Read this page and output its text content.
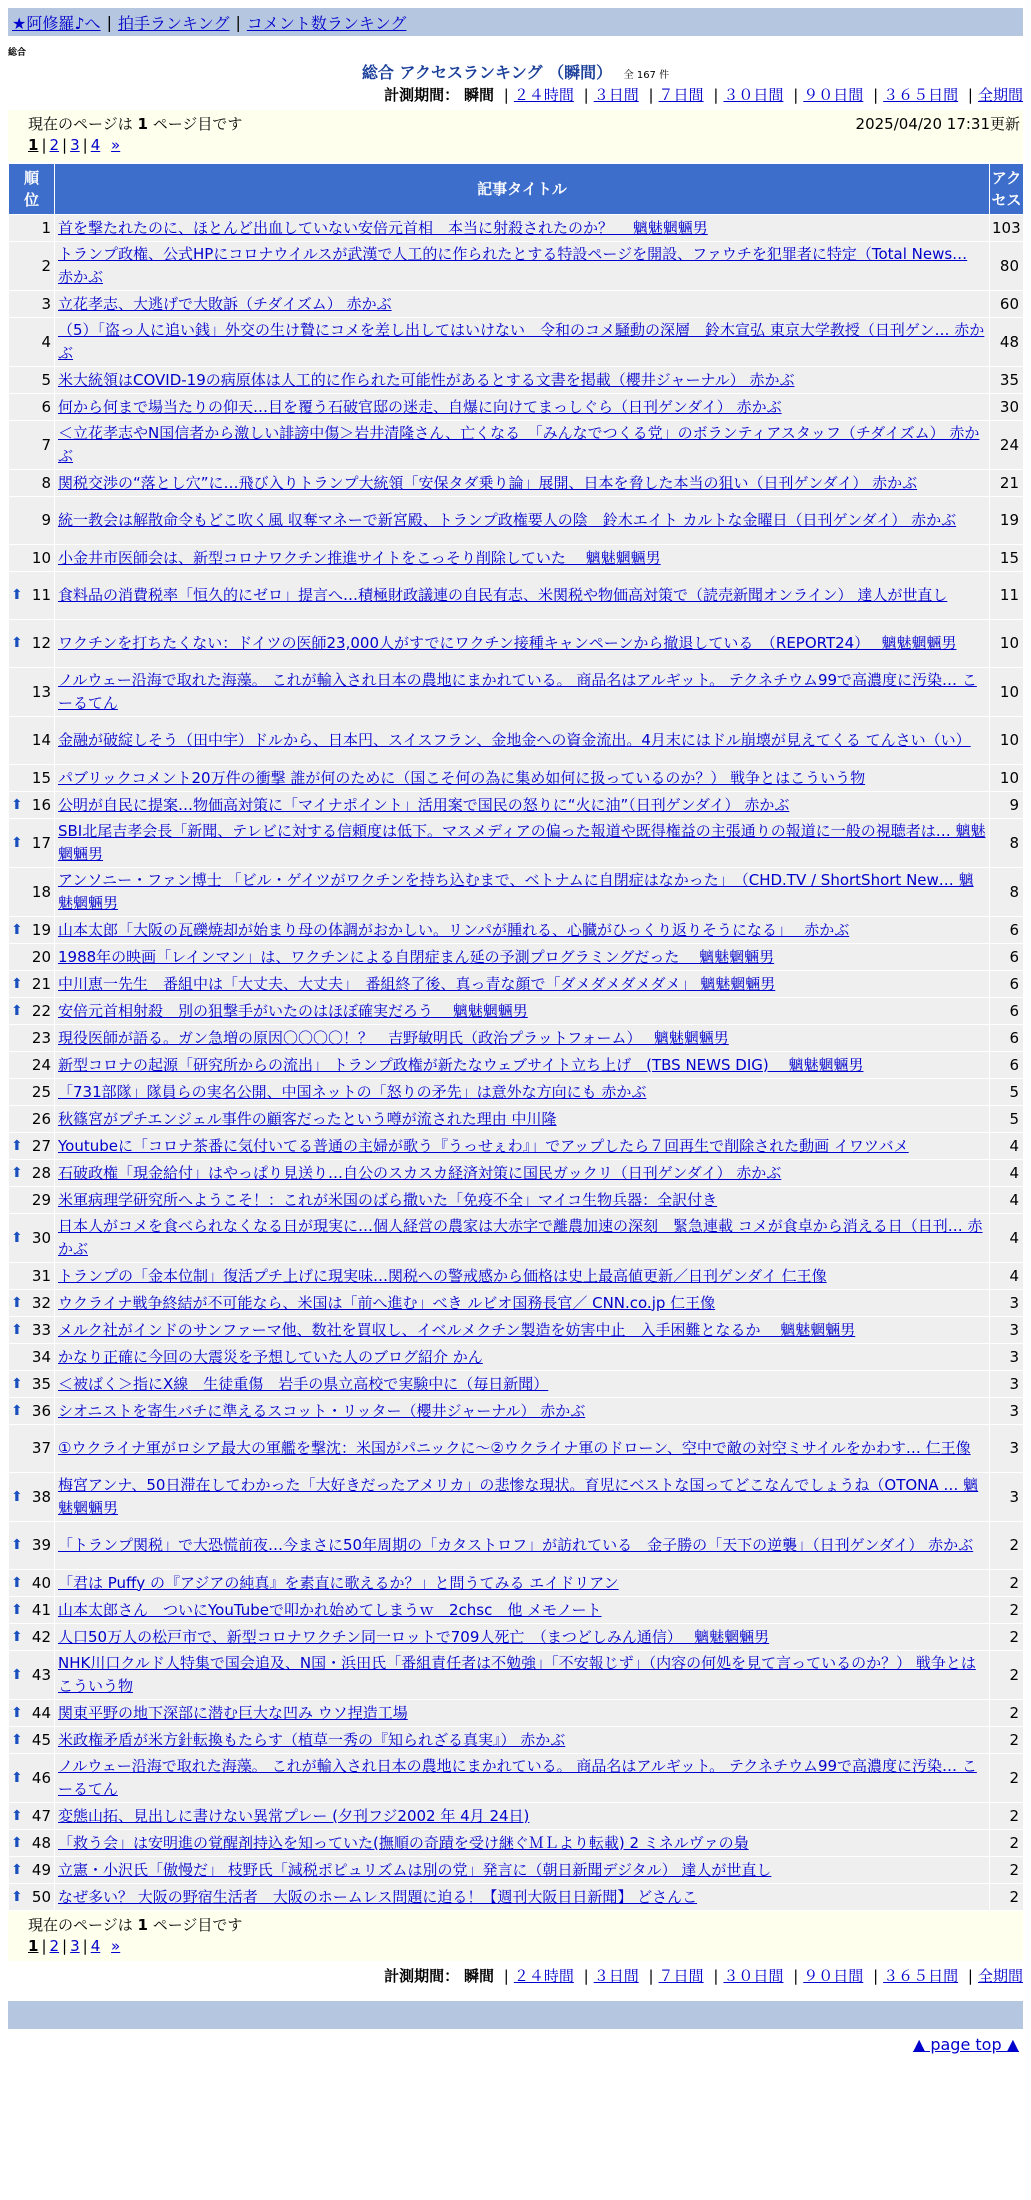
★阿修羅♪へ | 拍手ランキング | コメント数ランキング
総合
総合 アクセスランキング （瞬間） 全 167 件
計測期間： 瞬間 | ２４時間 | ３日間 | ７日間 | ３０日間 | ９０日間 | ３６５日間 | 全期間
現在のページは 1 ページ目です	2025/04/20 17:31更新
1 | 2 | 3 | 4 »
順位	記事タイトル	アクセス
1	首を撃たれたのに、ほとんど出血していない安倍元首相　本当に射殺されたのか？　 魑魅魍魎男	103
2	トランプ政権、公式HPにコロナウイルスが武漢で人工的に作られたとする特設ページを開設、ファウチを犯罪者に特定（Total News… 赤かぶ	80
3	立花孝志、大逃げで大敗訴（チダイズム） 赤かぶ	60
4	（5）「盗っ人に追い銭」外交の生け贄にコメを差し出してはいけない　令和のコメ騒動の深層　鈴木宣弘 東京大学教授（日刊ゲン… 赤かぶ	48
5	米大統領はCOVID-19の病原体は人工的に作られた可能性があるとする文書を掲載（櫻井ジャーナル） 赤かぶ	35
6	何から何まで場当たりの仰天…目を覆う石破官邸の迷走、自爆に向けてまっしぐら（日刊ゲンダイ） 赤かぶ	30
7	＜立花孝志やN国信者から激しい誹謗中傷＞岩井清隆さん、亡くなる　「みんなでつくる党」のボランティアスタッフ（チダイズム） 赤かぶ	24
8	関税交渉の“落とし穴”に…飛び入りトランプ大統領「安保タダ乗り論」展開、日本を脅した本当の狙い（日刊ゲンダイ） 赤かぶ	21
9	統一教会は解散命令もどこ吹く風 収奪マネーで新宮殿、トランプ政権要人の陰　鈴木エイト カルトな金曜日（日刊ゲンダイ） 赤かぶ	19
10	小金井市医師会は、新型コロナワクチン推進サイトをこっそり削除していた　 魑魅魍魎男	15

⬆ 11	食料品の消費税率「恒久的にゼロ」提言へ…積極財政議連の自民有志、米関税や物価高対策で（読売新聞オンライン） 達人が世直し	11

⬆ 12	ワクチンを打ちたくない：ドイツの医師23,000人がすでにワクチン接種キャンペーンから撤退している　（REPORT24）　 魑魅魍魎男	10
13	ノルウェー沿海で取れた海藻。 これが輸入され日本の農地にまかれている。 商品名はアルギット。 テクネチウム99で高濃度に汚染… こーるてん	10
14	金融が破綻しそう（田中宇）ドルから、日本円、スイスフラン、金地金への資金流出。4月末にはドル崩壊が見えてくる てんさい（い）	10
15	パブリックコメント20万件の衝撃 誰が何のために（国こそ何の為に集め如何に扱っているのか？） 戦争とはこういう物	10

⬆ 16	公明が自民に提案…物価高対策に「マイナポイント」活用案で国民の怒りに“火に油”（日刊ゲンダイ） 赤かぶ	9

⬆ 17	SBI北尾吉孝会長「新聞、テレビに対する信頼度は低下。マスメディアの偏った報道や既得権益の主張通りの報道に一般の視聴者は… 魑魅魍魎男	8
18	アンソニー・ファン博士 「ビル・ゲイツがワクチンを持ち込むまで、ベトナムに自閉症はなかった」　（CHD.TV / ShortShort New… 魑魅魍魎男	8

⬆ 19	山本太郎「大阪の瓦礫焼却が始まり母の体調がおかしい。リンパが腫れる、心臓がひっくり返りそうになる」　 赤かぶ	6
20	1988年の映画「レインマン」は、ワクチンによる自閉症まん延の予測プログラミングだった　 魑魅魍魎男	6

⬆ 21	中川恵一先生　番組中は「大丈夫、大丈夫」　番組終了後、真っ青な顔で「ダメダメダメダメ」 魑魅魍魎男	6

⬆ 22	安倍元首相射殺　別の狙撃手がいたのはほぼ確実だろう　 魑魅魍魎男	6
23	現役医師が語る。ガン急増の原因〇〇〇〇！？　吉野敏明氏（政治プラットフォーム）　 魑魅魍魎男	6
24	新型コロナの起源「研究所からの流出」 トランプ政権が新たなウェブサイト立ち上げ　(TBS NEWS DIG)　 魑魅魍魎男	6
25	「731部隊」隊員らの実名公開、中国ネットの「怒りの矛先」は意外な方向にも 赤かぶ	5
26	秋篠宮がプチエンジェル事件の顧客だったという噂が流された理由 中川隆	5

⬆ 27	Youtubeに「コロナ茶番に気付いてる普通の主婦が歌う『うっせぇわ』」でアップしたら７回再生で削除された動画 イワツバメ	4

⬆ 28	石破政権「現金給付」はやっぱり見送り…自公のスカスカ経済対策に国民ガックリ（日刊ゲンダイ） 赤かぶ	4
29	米軍病理学研究所へようこそ！：これが米国のばら撒いた「免疫不全」マイコ生物兵器：全訳付き	4

⬆ 30	日本人がコメを食べられなくなる日が現実に…個人経営の農家は大赤字で離農加速の深刻　緊急連載 コメが食卓から消える日（日刊… 赤かぶ	4
31	トランプの「金本位制」復活プチ上げに現実味…関税への警戒感から価格は史上最高値更新／日刊ゲンダイ 仁王像	4

⬆ 32	ウクライナ戦争終結が不可能なら、米国は「前へ進む」べき ルビオ国務長官／ CNN.co.jp 仁王像	3

⬆ 33	メルク社がインドのサンファーマ他、数社を買収し、イベルメクチン製造を妨害中止　入手困難となるか　 魑魅魍魎男	3
34	かなり正確に今回の大震災を予想していた人のブログ紹介 かん	3

⬆ 35	＜被ばく＞指にX線　生徒重傷　岩手の県立高校で実験中に（毎日新聞）	3

⬆ 36	シオニストを寄生バチに準えるスコット・リッター（櫻井ジャーナル） 赤かぶ	3
37	①ウクライナ軍がロシア最大の軍艦を撃沈：米国がパニックに～②ウクライナ軍のドローン、空中で敵の対空ミサイルをかわす… 仁王像	3

⬆ 38	梅宮アンナ、50日滞在してわかった「大好きだったアメリカ」の悲惨な現状。育児にベストな国ってどこなんでしょうね（OTONA … 魑魅魍魎男	3

⬆ 39	「トランプ関税」で大恐慌前夜…今まさに50年周期の「カタストロフ」が訪れている　金子勝の「天下の逆襲」（日刊ゲンダイ） 赤かぶ	2

⬆ 40	「君は Puffy の『アジアの純真』を素直に歌えるか？」と問うてみる エイドリアン	2

⬆ 41	山本太郎さん　ついにYouTubeで叩かれ始めてしまうｗ　2chsc　他 メモノート	2

⬆ 42	人口50万人の松戸市で、新型コロナワクチン同一ロットで709人死亡　（まつどしみん通信）　 魑魅魍魎男	2

⬆ 43	NHK川口クルド人特集で国会追及、N国・浜田氏「番組責任者は不勉強」「不安報じず」（内容の何処を見て言っているのか？） 戦争とはこういう物	2

⬆ 44	関東平野の地下深部に潜む巨大な凹み ウソ捏造工場	2

⬆ 45	米政権矛盾が米方針転換もたらす（植草一秀の『知られざる真実』） 赤かぶ	2

⬆ 46	ノルウェー沿海で取れた海藻。 これが輸入され日本の農地にまかれている。 商品名はアルギット。 テクネチウム99で高濃度に汚染… こーるてん	2

⬆ 47	変態山拓、見出しに書けない異常プレー (夕刊フジ2002 年 4月 24日)	2

⬆ 48	「救う会」は安明進の覚醒剤持込を知っていた(撫順の奇蹟を受け継ぐＭＬより転載) 2 ミネルヴァの梟	2

⬆ 49	立憲・小沢氏「傲慢だ」 枝野氏「減税ポピュリズムは別の党」発言に（朝日新聞デジタル） 達人が世直し	2

⬆ 50	なぜ多い？ 大阪の野宿生活者　大阪のホームレス問題に迫る！【週刊大阪日日新聞】 どさんこ	2
現在のページは 1 ページ目です
1 | 2 | 3 | 4 »
計測期間： 瞬間 | ２４時間 | ３日間 | ７日間 | ３０日間 | ９０日間 | ３６５日間 | 全期間
▲ page top ▲
